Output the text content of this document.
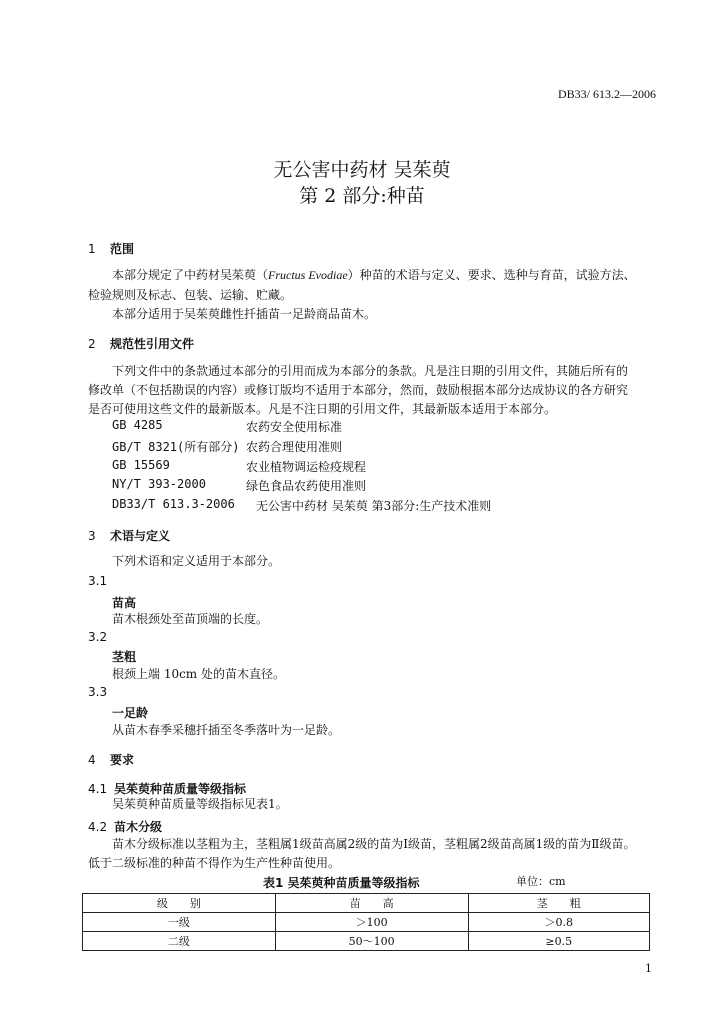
DB33/ 613.2—2006
无公害中药材 吴茱萸
第 2 部分:种苗
1 范围
本部分规定了中药材吴茱萸（Fructus Evodiae）种苗的术语与定义、要求、选种与育苗，试验方法、
检验规则及标志、包装、运输、贮藏。
本部分适用于吴茱萸雌性扦插苗一足龄商品苗木。
2 规范性引用文件
下列文件中的条款通过本部分的引用而成为本部分的条款。凡是注日期的引用文件，其随后所有的
修改单（不包括勘误的内容）或修订版均不适用于本部分，然而，鼓励根据本部分达成协议的各方研究
是否可使用这些文件的最新版本。凡是不注日期的引用文件，其最新版本适用于本部分。
GB 4285	农药安全使用标准
GB/T 8321(所有部分) 农药合理使用准则
GB 15569	农业植物调运检疫规程
NY/T 393-2000	绿色食品农药使用准则
DB33/T 613.3-2006 无公害中药材 吴茱萸 第3部分:生产技术准则
3 术语与定义
下列术语和定义适用于本部分。
3.1
苗高
苗木根颈处至苗顶端的长度。
3.2
茎粗
根颈上端 10cm 处的苗木直径。
3.3
一足龄
从苗木春季采穗扦插至冬季落叶为一足龄。
4 要求
4.1 吴茱萸种苗质量等级指标
吴茱萸种苗质量等级指标见表1。
4.2 苗木分级
苗木分级标准以茎粗为主，茎粗属1级苗高属2级的苗为Ⅰ级苗，茎粗属2级苗高属1级的苗为Ⅱ级苗。
低于二级标准的种苗不得作为生产性种苗使用。
表1 吴茱萸种苗质量等级指标	单位：cm
级　　别	苗　　高	茎　　粗
一级	＞100	＞0.8
二级	50～100	≥0.5
1
